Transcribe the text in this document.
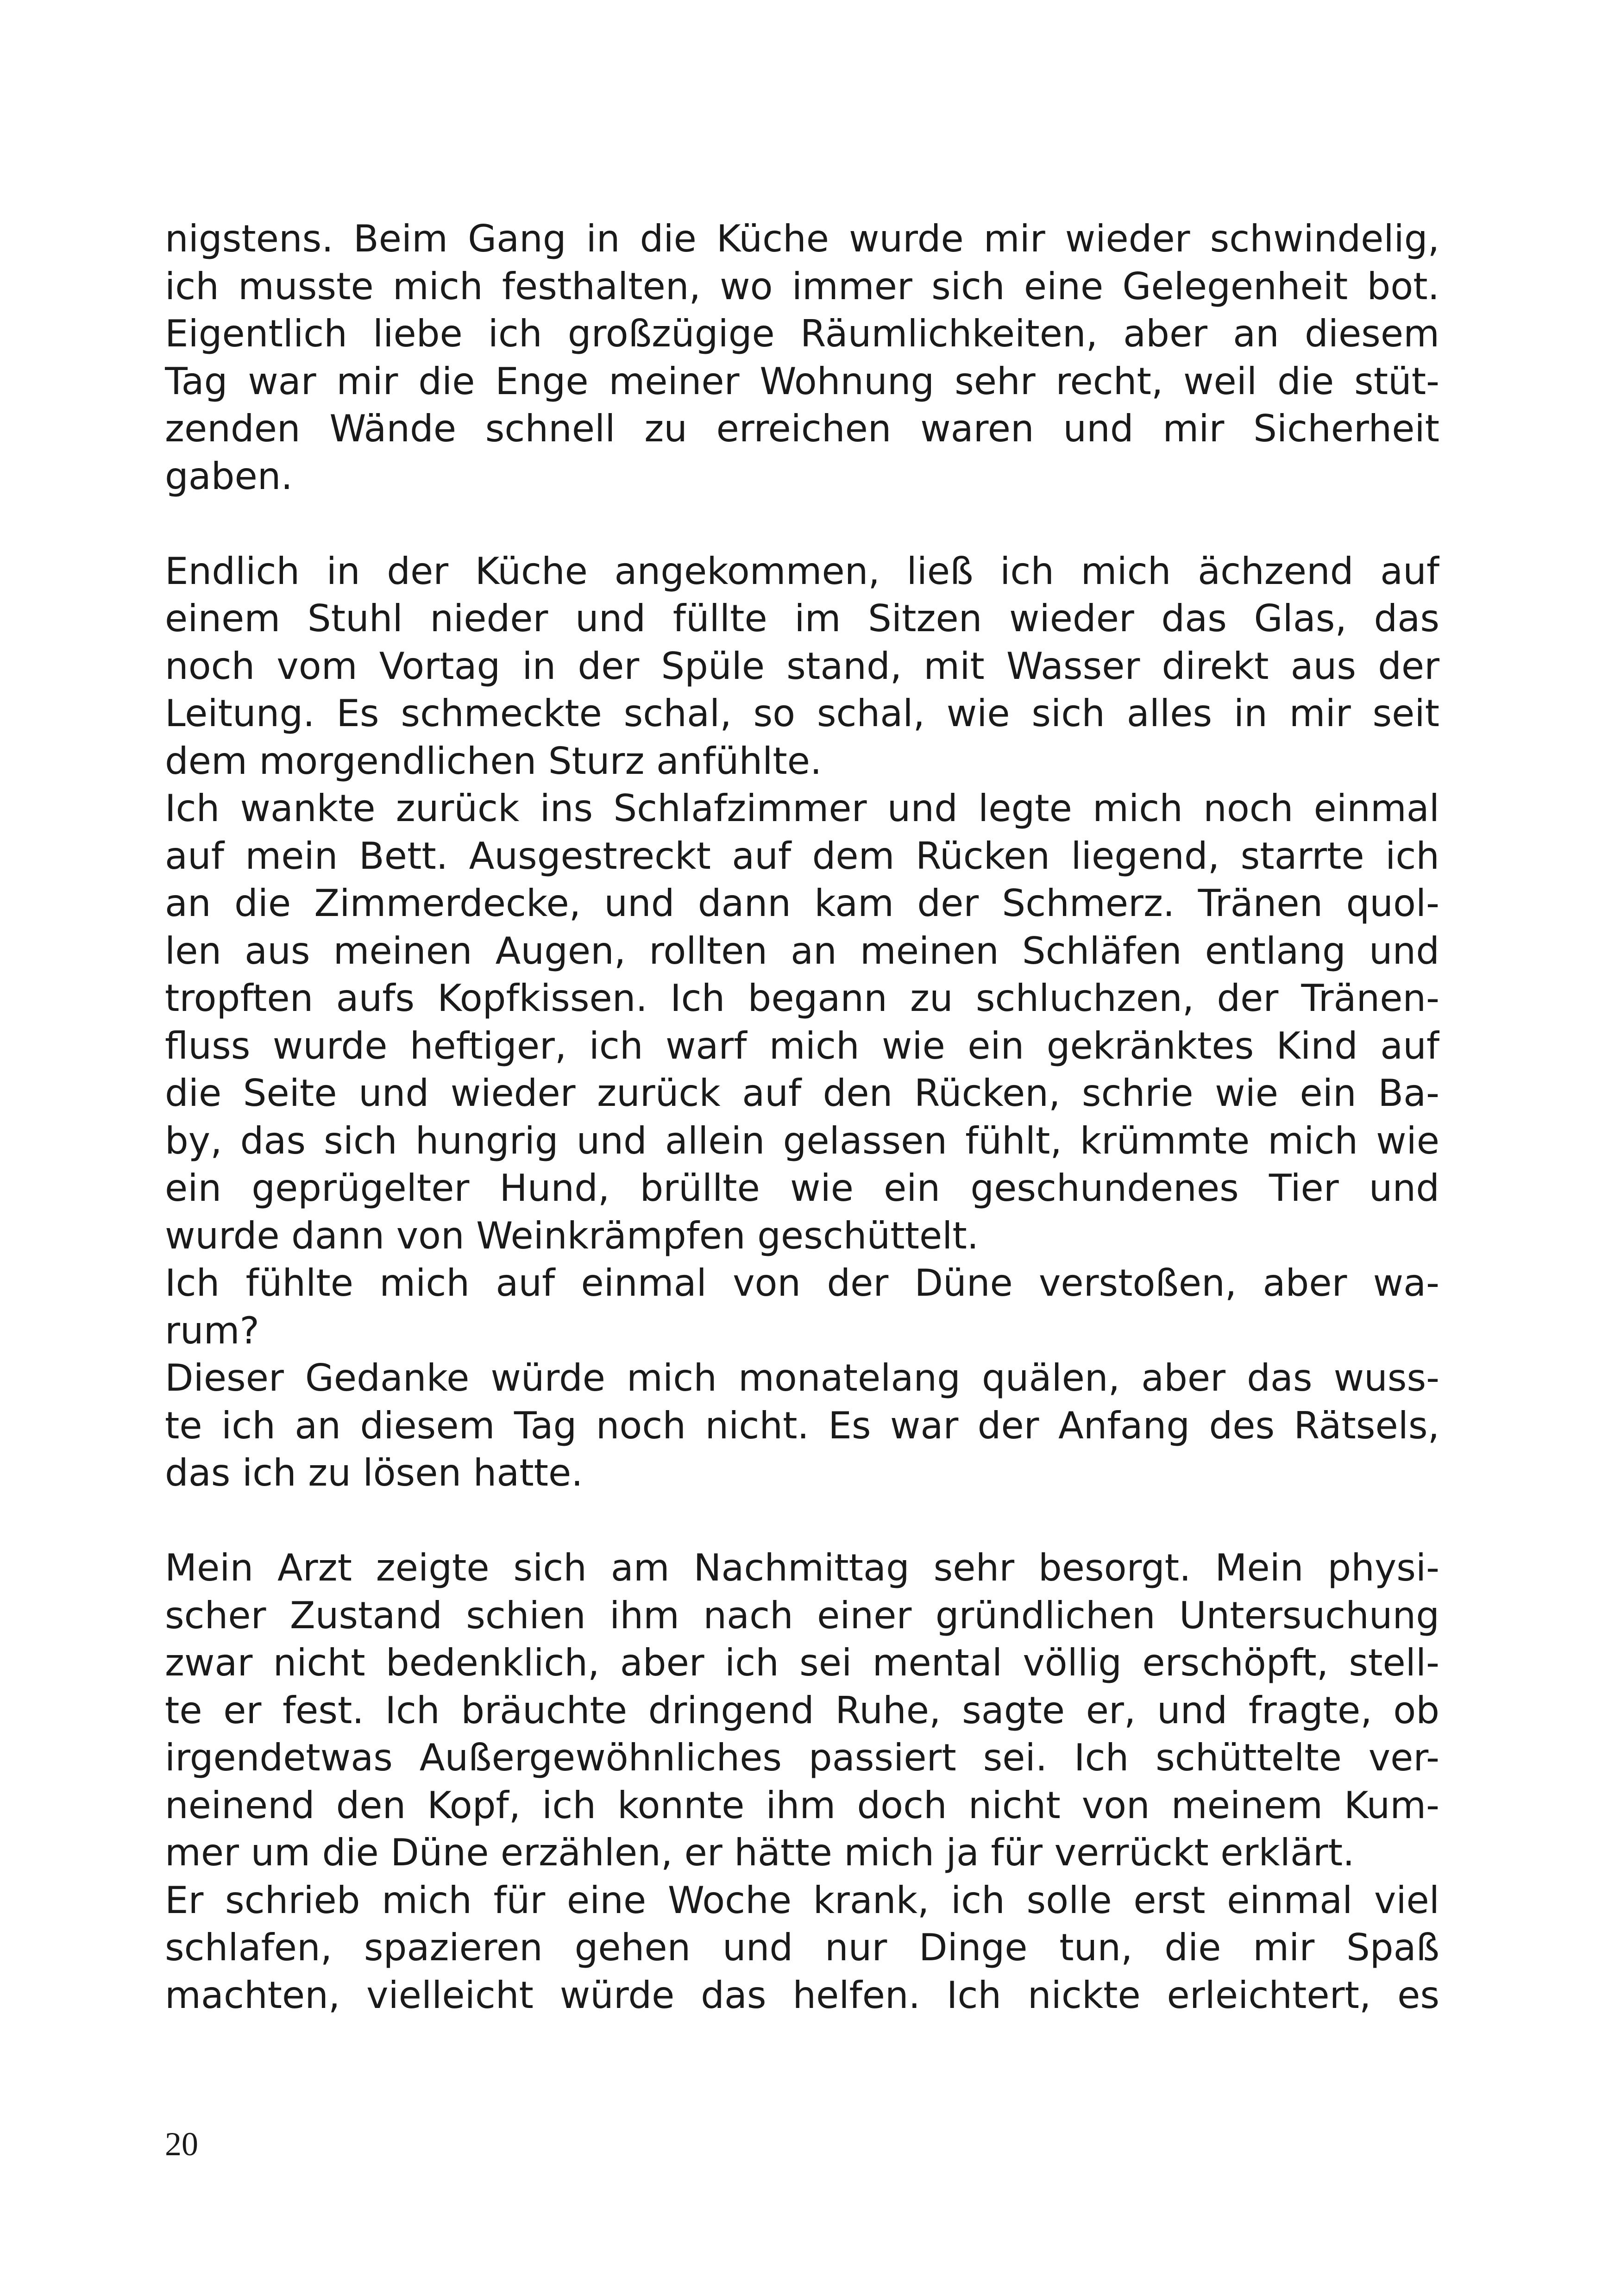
nigstens. Beim Gang in die Küche wurde mir wieder schwindelig,
ich musste mich festhalten, wo immer sich eine Gelegenheit bot.
Eigentlich liebe ich großzügige Räumlichkeiten, aber an diesem
Tag war mir die Enge meiner Wohnung sehr recht, weil die stüt-
zenden Wände schnell zu erreichen waren und mir Sicherheit
gaben.
Endlich in der Küche angekommen, ließ ich mich ächzend auf
einem Stuhl nieder und füllte im Sitzen wieder das Glas, das
noch vom Vortag in der Spüle stand, mit Wasser direkt aus der
Leitung. Es schmeckte schal, so schal, wie sich alles in mir seit
dem morgendlichen Sturz anfühlte.
Ich wankte zurück ins Schlafzimmer und legte mich noch einmal
auf mein Bett. Ausgestreckt auf dem Rücken liegend, starrte ich
an die Zimmerdecke, und dann kam der Schmerz. Tränen quol-
len aus meinen Augen, rollten an meinen Schläfen entlang und
tropften aufs Kopfkissen. Ich begann zu schluchzen, der Tränen-
fluss wurde heftiger, ich warf mich wie ein gekränktes Kind auf
die Seite und wieder zurück auf den Rücken, schrie wie ein Ba-
by, das sich hungrig und allein gelassen fühlt, krümmte mich wie
ein geprügelter Hund, brüllte wie ein geschundenes Tier und
wurde dann von Weinkrämpfen geschüttelt.
Ich fühlte mich auf einmal von der Düne verstoßen, aber wa-
rum?
Dieser Gedanke würde mich monatelang quälen, aber das wuss-
te ich an diesem Tag noch nicht. Es war der Anfang des Rätsels,
das ich zu lösen hatte.
Mein Arzt zeigte sich am Nachmittag sehr besorgt. Mein physi-
scher Zustand schien ihm nach einer gründlichen Untersuchung
zwar nicht bedenklich, aber ich sei mental völlig erschöpft, stell-
te er fest. Ich bräuchte dringend Ruhe, sagte er, und fragte, ob
irgendetwas Außergewöhnliches passiert sei. Ich schüttelte ver-
neinend den Kopf, ich konnte ihm doch nicht von meinem Kum-
mer um die Düne erzählen, er hätte mich ja für verrückt erklärt.
Er schrieb mich für eine Woche krank, ich solle erst einmal viel
schlafen, spazieren gehen und nur Dinge tun, die mir Spaß
machten, vielleicht würde das helfen. Ich nickte erleichtert, es
20
